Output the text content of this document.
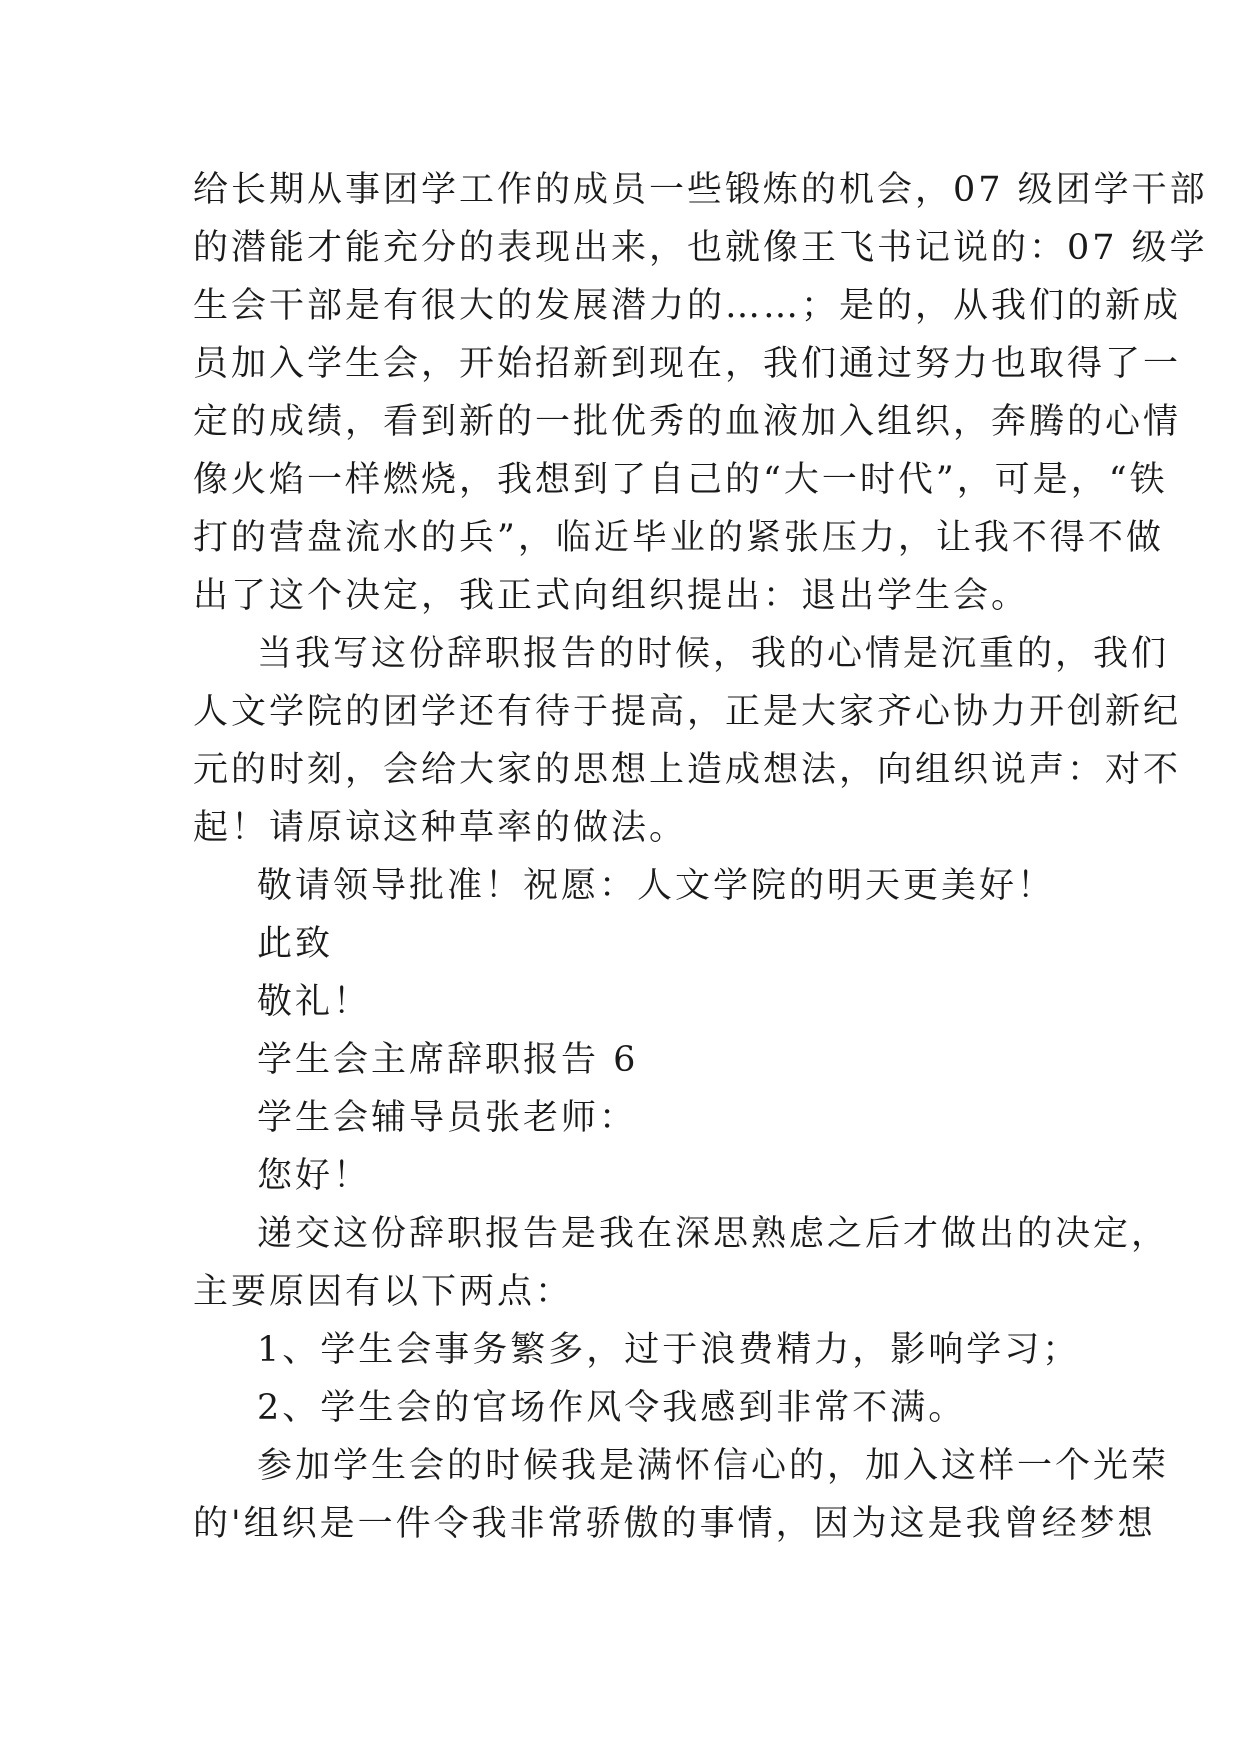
给长期从事团学工作的成员一些锻炼的机会，07 级团学干部
的潜能才能充分的表现出来，也就像王飞书记说的：07 级学
生会干部是有很大的发展潜力的……；是的，从我们的新成
员加入学生会，开始招新到现在，我们通过努力也取得了一
定的成绩，看到新的一批优秀的血液加入组织，奔腾的心情
像火焰一样燃烧，我想到了自己的“大一时代”，可是，“铁
打的营盘流水的兵”，临近毕业的紧张压力，让我不得不做
出了这个决定，我正式向组织提出：退出学生会。
当我写这份辞职报告的时候，我的心情是沉重的，我们
人文学院的团学还有待于提高，正是大家齐心协力开创新纪
元的时刻，会给大家的思想上造成想法，向组织说声：对不
起！请原谅这种草率的做法。
敬请领导批准！祝愿：人文学院的明天更美好！
此致
敬礼！
学生会主席辞职报告 6
学生会辅导员张老师：
您好！
递交这份辞职报告是我在深思熟虑之后才做出的决定，
主要原因有以下两点：
1、学生会事务繁多，过于浪费精力，影响学习；
2、学生会的官场作风令我感到非常不满。
参加学生会的时候我是满怀信心的，加入这样一个光荣
的'组织是一件令我非常骄傲的事情，因为这是我曾经梦想
